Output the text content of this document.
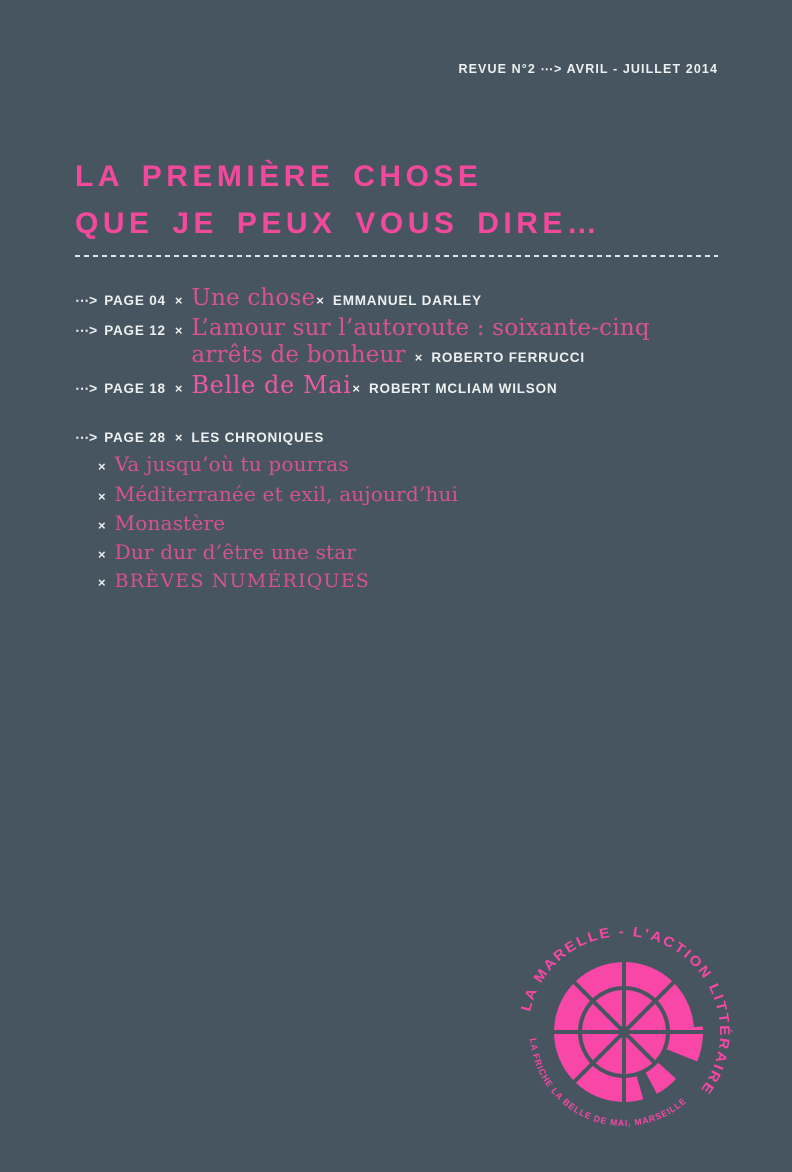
REVUE N°2 ⋯> AVRIL - JUILLET 2014
LA PREMIÈRE CHOSE
QUE JE PEUX VOUS DIRE…
⋯> PAGE 04 × Une chose × EMMANUEL DARLEY
⋯> PAGE 12 × L’amour sur l’autoroute : soixante-cinq
arrêts de bonheur × ROBERTO FERRUCCI
⋯> PAGE 18 × Belle de Mai × ROBERT MCLIAM WILSON
⋯> PAGE 28 × LES CHRONIQUES
× Va jusqu’où tu pourras
× Méditerranée et exil, aujourd’hui
× Monastère
× Dur dur d’être une star
× BRÈVES NUMÉRIQUES
LA MARELLE - L'ACTION LITTÉRAIRE
LA FRICHE LA BELLE DE MAI, MARSEILLE
